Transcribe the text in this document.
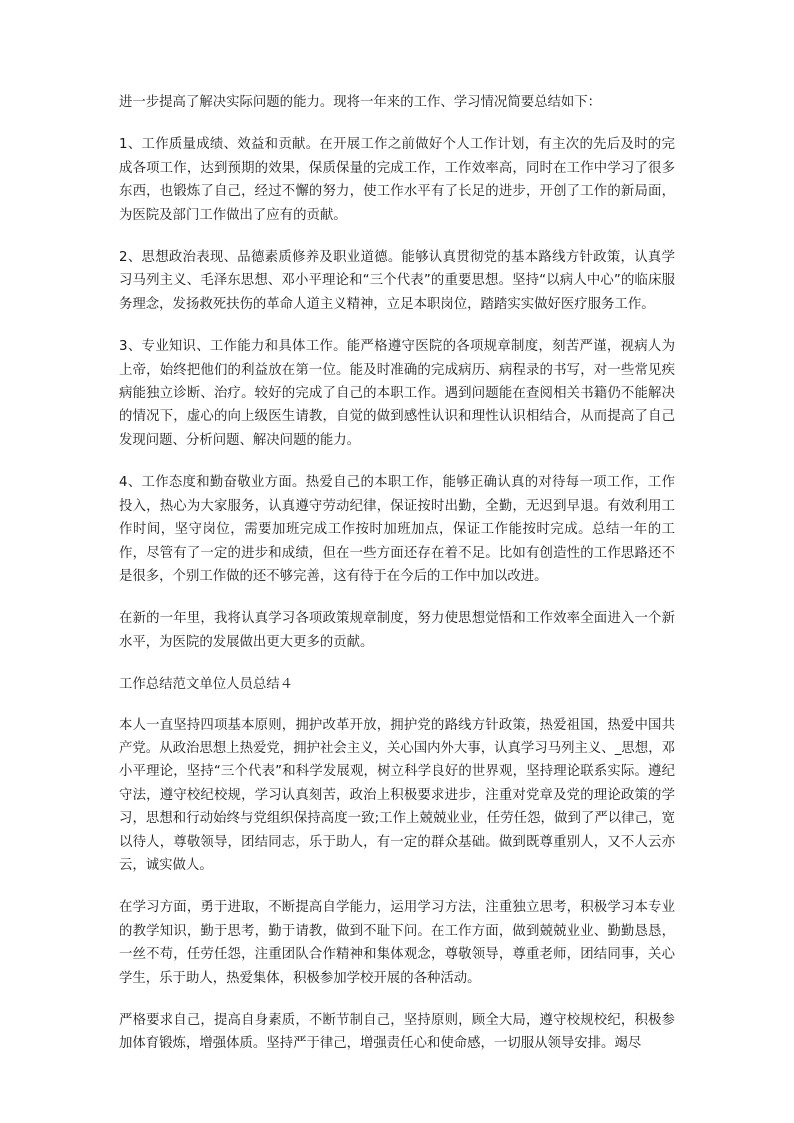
进一步提高了解决实际问题的能力。现将一年来的工作、学习情况简要总结如下：

1、工作质量成绩、效益和贡献。在开展工作之前做好个人工作计划，有主次的先后及时的完成各项工作，达到预期的效果，保质保量的完成工作，工作效率高，同时在工作中学习了很多东西，也锻炼了自己，经过不懈的努力，使工作水平有了长足的进步，开创了工作的新局面，为医院及部门工作做出了应有的贡献。

2、思想政治表现、品德素质修养及职业道德。能够认真贯彻党的基本路线方针政策，认真学习马列主义、毛泽东思想、邓小平理论和“三个代表”的重要思想。坚持“以病人中心”的临床服务理念，发扬救死扶伤的革命人道主义精神，立足本职岗位，踏踏实实做好医疗服务工作。

3、专业知识、工作能力和具体工作。能严格遵守医院的各项规章制度，刻苦严谨，视病人为上帝，始终把他们的利益放在第一位。能及时准确的完成病历、病程录的书写，对一些常见疾病能独立诊断、治疗。较好的完成了自己的本职工作。遇到问题能在查阅相关书籍仍不能解决的情况下，虚心的向上级医生请教，自觉的做到感性认识和理性认识相结合，从而提高了自己发现问题、分析问题、解决问题的能力。

4、工作态度和勤奋敬业方面。热爱自己的本职工作，能够正确认真的对待每一项工作，工作投入，热心为大家服务，认真遵守劳动纪律，保证按时出勤，全勤，无迟到早退。有效利用工作时间，坚守岗位，需要加班完成工作按时加班加点，保证工作能按时完成。总结一年的工作，尽管有了一定的进步和成绩，但在一些方面还存在着不足。比如有创造性的工作思路还不是很多，个别工作做的还不够完善，这有待于在今后的工作中加以改进。

在新的一年里，我将认真学习各项政策规章制度，努力使思想觉悟和工作效率全面进入一个新水平，为医院的发展做出更大更多的贡献。

工作总结范文单位人员总结４

本人一直坚持四项基本原则，拥护改革开放，拥护党的路线方针政策，热爱祖国，热爱中国共产党。从政治思想上热爱党，拥护社会主义，关心国内外大事，认真学习马列主义、_思想，邓小平理论，坚持“三个代表”和科学发展观，树立科学良好的世界观，坚持理论联系实际。遵纪守法，遵守校纪校规，学习认真刻苦，政治上积极要求进步，注重对党章及党的理论政策的学习，思想和行动始终与党组织保持高度一致;工作上兢兢业业，任劳任怨，做到了严以律己，宽以待人，尊敬领导，团结同志，乐于助人，有一定的群众基础。做到既尊重别人，又不人云亦云，诚实做人。

在学习方面，勇于进取，不断提高自学能力，运用学习方法，注重独立思考，积极学习本专业的教学知识，勤于思考，勤于请教，做到不耻下问。在工作方面，做到兢兢业业、勤勤恳恳，一丝不苟，任劳任怨，注重团队合作精神和集体观念，尊敬领导，尊重老师，团结同事，关心学生，乐于助人，热爱集体，积极参加学校开展的各种活动。

严格要求自己，提高自身素质，不断节制自己，坚持原则，顾全大局，遵守校规校纪，积极参加体育锻炼，增强体质。坚持严于律己，增强责任心和使命感，一切服从领导安排。竭尽
